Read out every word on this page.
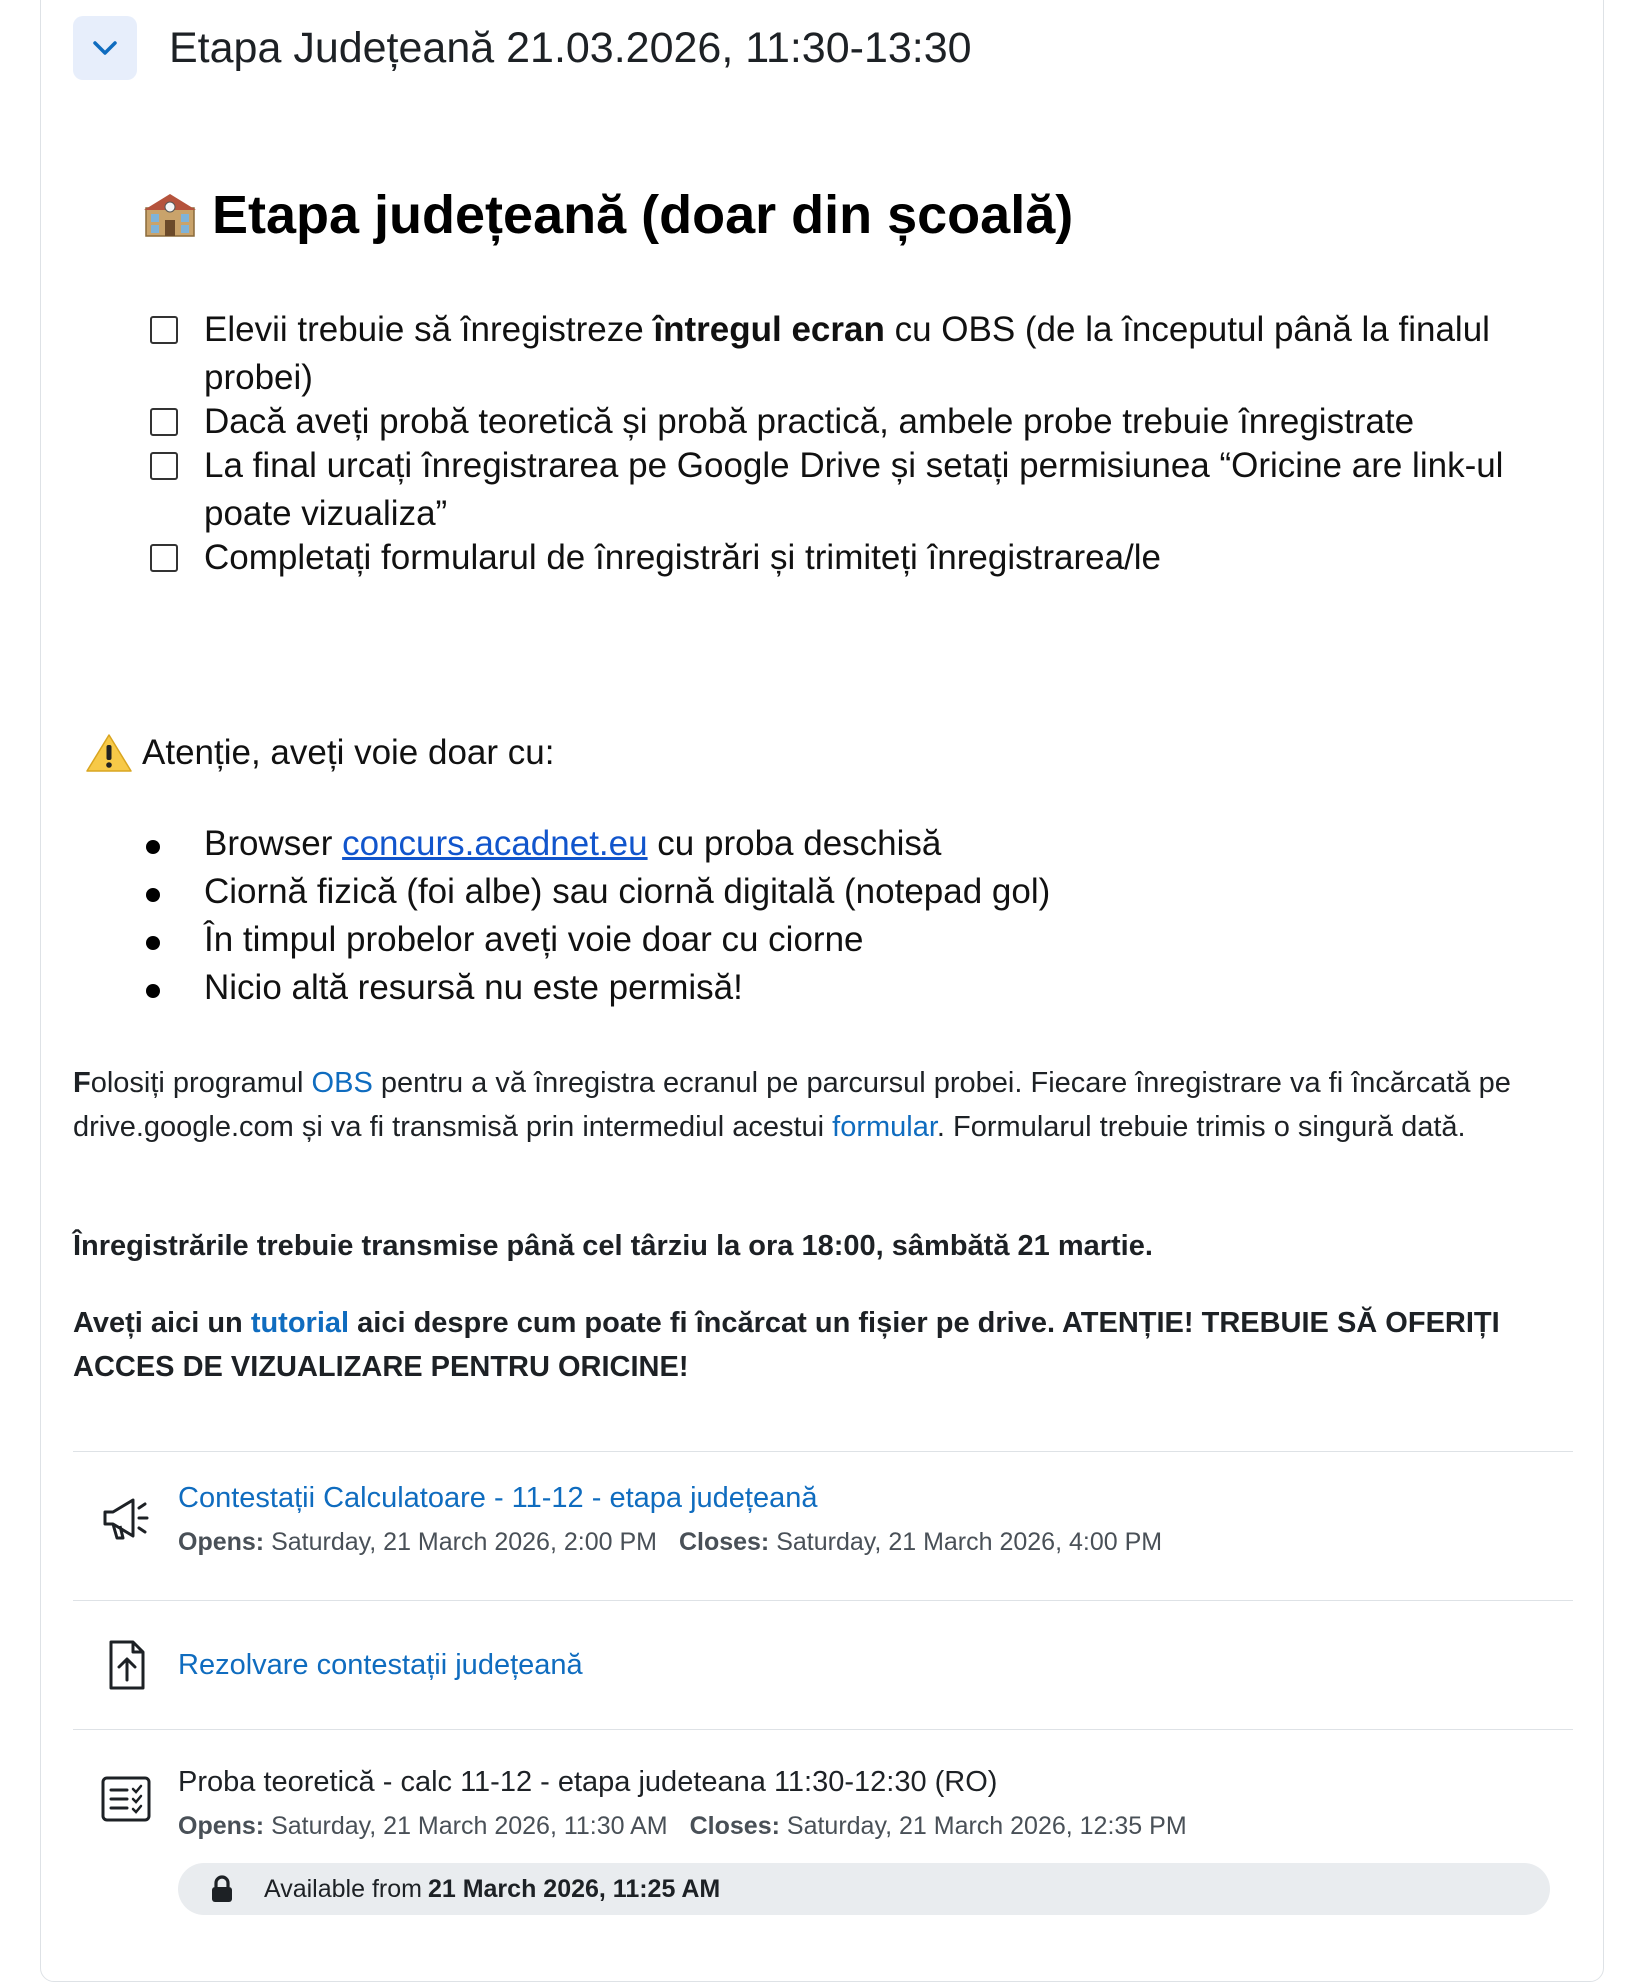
Etapa Județeană 21.03.2026, 11:30-13:30
Etapa județeană (doar din școală)
Elevii trebuie să înregistreze întregul ecran cu OBS (de la începutul până la finalul probei)
Dacă aveți probă teoretică și probă practică, ambele probe trebuie înregistrate
La final urcați înregistrarea pe Google Drive și setați permisiunea “Oricine are link-ul poate vizualiza”
Completați formularul de înregistrări și trimiteți înregistrarea/le
Atenție, aveți voie doar cu:
Browser concurs.acadnet.eu cu proba deschisă
Ciornă fizică (foi albe) sau ciornă digitală (notepad gol)
În timpul probelor aveți voie doar cu ciorne
Nicio altă resursă nu este permisă!
Folosiți programul OBS pentru a vă înregistra ecranul pe parcursul probei. Fiecare înregistrare va fi încărcată pe drive.google.com și va fi transmisă prin intermediul acestui formular. Formularul trebuie trimis o singură dată.
Înregistrările trebuie transmise până cel târziu la ora 18:00, sâmbătă 21 martie.
Aveți aici un tutorial aici despre cum poate fi încărcat un fișier pe drive. ATENȚIE! TREBUIE SĂ OFERIȚI ACCES DE VIZUALIZARE PENTRU ORICINE!
Contestații Calculatoare - 11-12 - etapa județeană
Opens: Saturday, 21 March 2026, 2:00 PM Closes: Saturday, 21 March 2026, 4:00 PM
Rezolvare contestații județeană
Proba teoretică - calc 11-12 - etapa judeteana 11:30-12:30 (RO)
Opens: Saturday, 21 March 2026, 11:30 AM Closes: Saturday, 21 March 2026, 12:35 PM
Available from 21 March 2026, 11:25 AM
